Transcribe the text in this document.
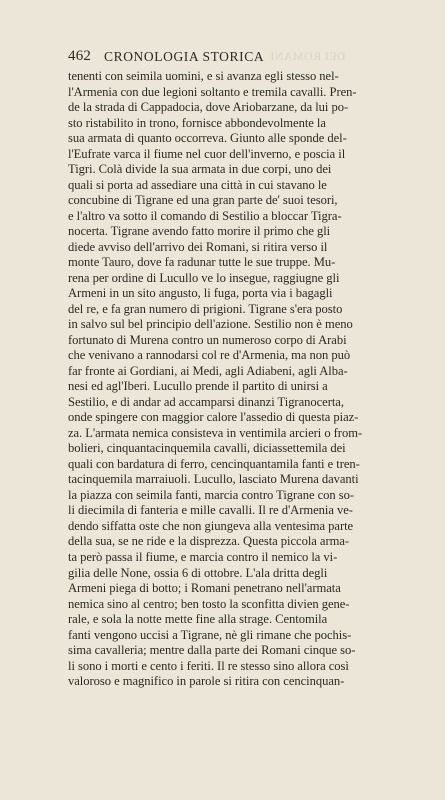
462 CRONOLOGIA STORICA DEI ROMANI
tenenti con seimila uomini, e si avanza egli stesso nel-
l'Armenia con due legioni soltanto e tremila cavalli. Pren-
de la strada di Cappadocia, dove Ariobarzane, da lui po-
sto ristabilito in trono, fornisce abbondevolmente la
sua armata di quanto occorreva. Giunto alle sponde del-
l'Eufrate varca il fiume nel cuor dell'inverno, e poscia il
Tigri. Colà divide la sua armata in due corpi, uno dei
quali si porta ad assediare una città in cui stavano le
concubine di Tigrane ed una gran parte de' suoi tesori,
e l'altro va sotto il comando di Sestilio a bloccar Tigra-
nocerta. Tigrane avendo fatto morire il primo che gli
diede avviso dell'arrivo dei Romani, si ritira verso il
monte Tauro, dove fa radunar tutte le sue truppe. Mu-
rena per ordine di Lucullo ve lo insegue, raggiugne gli
Armeni in un sito angusto, li fuga, porta via i bagagli
del re, e fa gran numero di prigioni. Tigrane s'era posto
in salvo sul bel principio dell'azione. Sestilio non è meno
fortunato di Murena contro un numeroso corpo di Arabi
che venivano a rannodarsi col re d'Armenia, ma non può
far fronte ai Gordiani, ai Medi, agli Adiabeni, agli Alba-
nesi ed agl'Iberi. Lucullo prende il partito di unirsi a
Sestilio, e di andar ad accamparsi dinanzi Tigranocerta,
onde spingere con maggior calore l'assedio di questa piaz-
za. L'armata nemica consisteva in ventimila arcieri o from-
bolieri, cinquantacinquemila cavalli, diciassettemila dei
quali con bardatura di ferro, cencinquantamila fanti e tren-
tacinquemila marraiuoli. Lucullo, lasciato Murena davanti
la piazza con seimila fanti, marcia contro Tigrane con so-
li diecimila di fanteria e mille cavalli. Il re d'Armenia ve-
dendo siffatta oste che non giungeva alla ventesima parte
della sua, se ne ride e la disprezza. Questa piccola arma-
ta però passa il fiume, e marcia contro il nemico la vi-
gilia delle None, ossia 6 di ottobre. L'ala dritta degli
Armeni piega di botto; i Romani penetrano nell'armata
nemica sino al centro; ben tosto la sconfitta divien gene-
rale, e sola la notte mette fine alla strage. Centomila
fanti vengono uccisi a Tigrane, nè gli rimane che pochis-
sima cavalleria; mentre dalla parte dei Romani cinque so-
li sono i morti e cento i feriti. Il re stesso sino allora così
valoroso e magnifico in parole si ritira con cencinquan-
